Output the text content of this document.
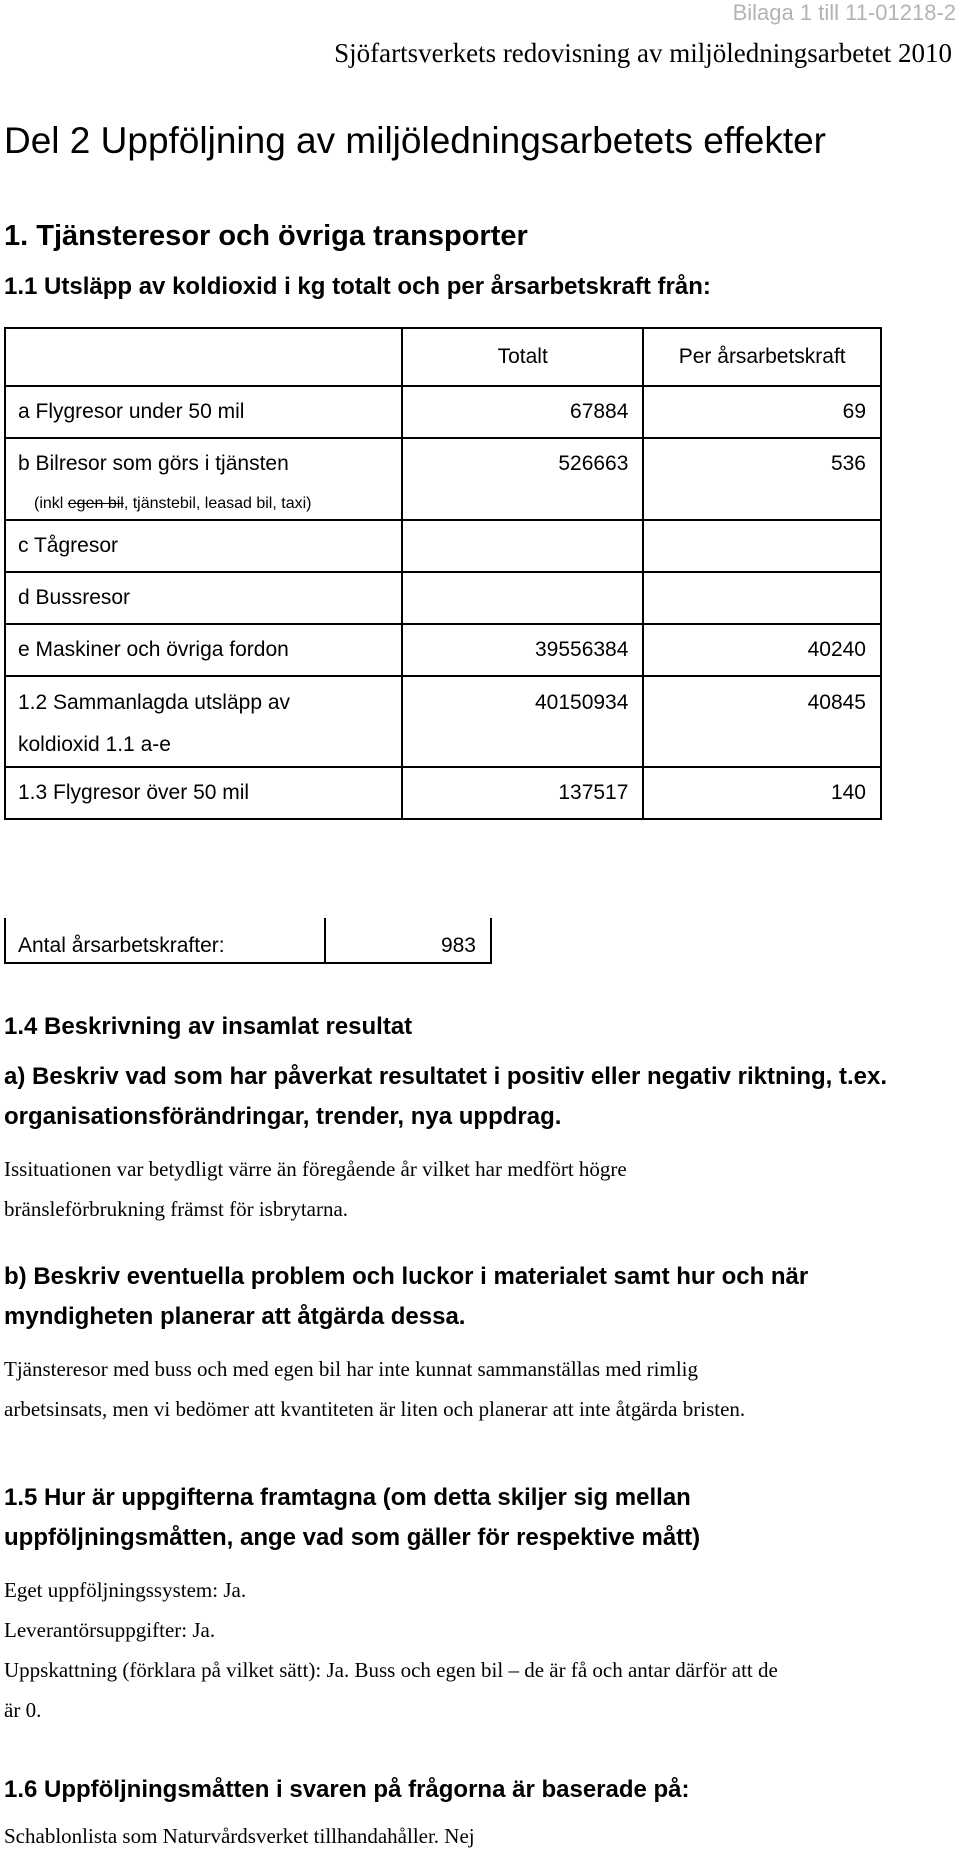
Bilaga 1 till 11-01218-2
Sjöfartsverkets redovisning av miljöledningsarbetet 2010
Del 2 Uppföljning av miljöledningsarbetets effekter
1. Tjänsteresor och övriga transporter
1.1 Utsläpp av koldioxid i kg totalt och per årsarbetskraft från:

	Totalt	Per årsarbetskraft

a Flygresor under 50 mil	67884	69

b Bilresor som görs i tjänsten	526663	536

(inkl egen bil, tjänstebil, leasad bil, taxi)		

c Tågresor		

d Bussresor		

e Maskiner och övriga fordon	39556384	40240

1.2 Sammanlagda utsläpp av
koldioxid 1.1 a-e	40150934	40845

1.3 Flygresor över 50 mil	137517	140
Antal årsarbetskrafter:	983
1.4 Beskrivning av insamlat resultat
a) Beskriv vad som har påverkat resultatet i positiv eller negativ riktning, t.ex.
organisationsförändringar, trender, nya uppdrag.
Issituationen var betydligt värre än föregående år vilket har medfört högre
bränsleförbrukning främst för isbrytarna.
b) Beskriv eventuella problem och luckor i materialet samt hur och när
myndigheten planerar att åtgärda dessa.
Tjänsteresor med buss och med egen bil har inte kunnat sammanställas med rimlig
arbetsinsats, men vi bedömer att kvantiteten är liten och planerar att inte åtgärda bristen.
1.5 Hur är uppgifterna framtagna (om detta skiljer sig mellan
uppföljningsmåtten, ange vad som gäller för respektive mått)
Eget uppföljningssystem: Ja.
Leverantörsuppgifter: Ja.
Uppskattning (förklara på vilket sätt): Ja. Buss och egen bil – de är få och antar därför att de
är 0.
1.6 Uppföljningsmåtten i svaren på frågorna är baserade på:
Schablonlista som Naturvårdsverket tillhandahåller. Nej
